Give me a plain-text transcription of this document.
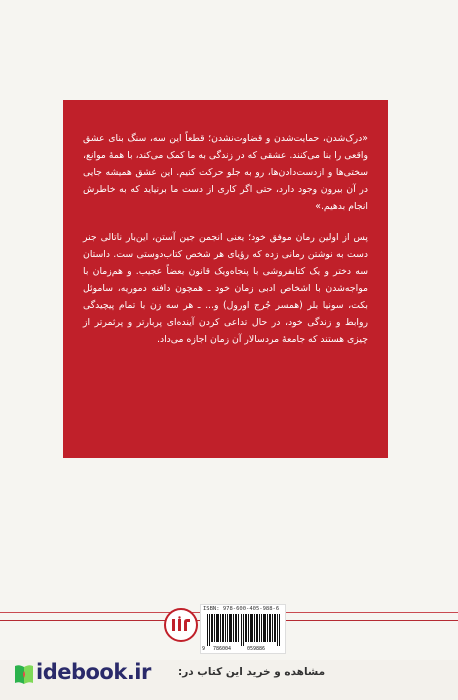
«درک‌شدن، حمایت‌شدن و قضاوت‌نشدن؛ قطعاً این سه، سنگ بنای عشق واقعی را بنا می‌کنند. عشقی که در زندگی به ما کمک می‌کند، با همهٔ موانع، سختی‌ها و ازدست‌دادن‌ها، رو به جلو حرکت کنیم. این عشق همیشه جایی در آن بیرون وجود دارد، حتی اگر کاری از دست ما برنیاید که به خاطرش انجام بدهیم.»

پس از اولین رمان موفق خود؛ یعنی انجمن جین آستن، این‌بار ناتالی جنر دست به نوشتن رمانی زده که رؤیای هر شخص کتاب‌دوستی ست. داستان سه دختر و یک کتابفروشی با پنجاه‌ویک قانون بعضاً عجیب. و هم‌زمان با مواجه‌شدن با اشخاص ادبی زمان خود ـ همچون دافنه دموریه، ساموئل بکت، سونیا بلر (همسر جُرج اورول) و... ـ هر سه زن با تمام پیچیدگی روابط و زندگی خود، در حال تداعی کردن آینده‌ای پربارتر و پرثمرتر از چیزی هستند که جامعهٔ مردسالار آن زمان اجازه می‌داد.

ISBN: 978-600-405-988-6
9 786004	059886
idebook.ir	مشاهده و خرید این کتاب در:
